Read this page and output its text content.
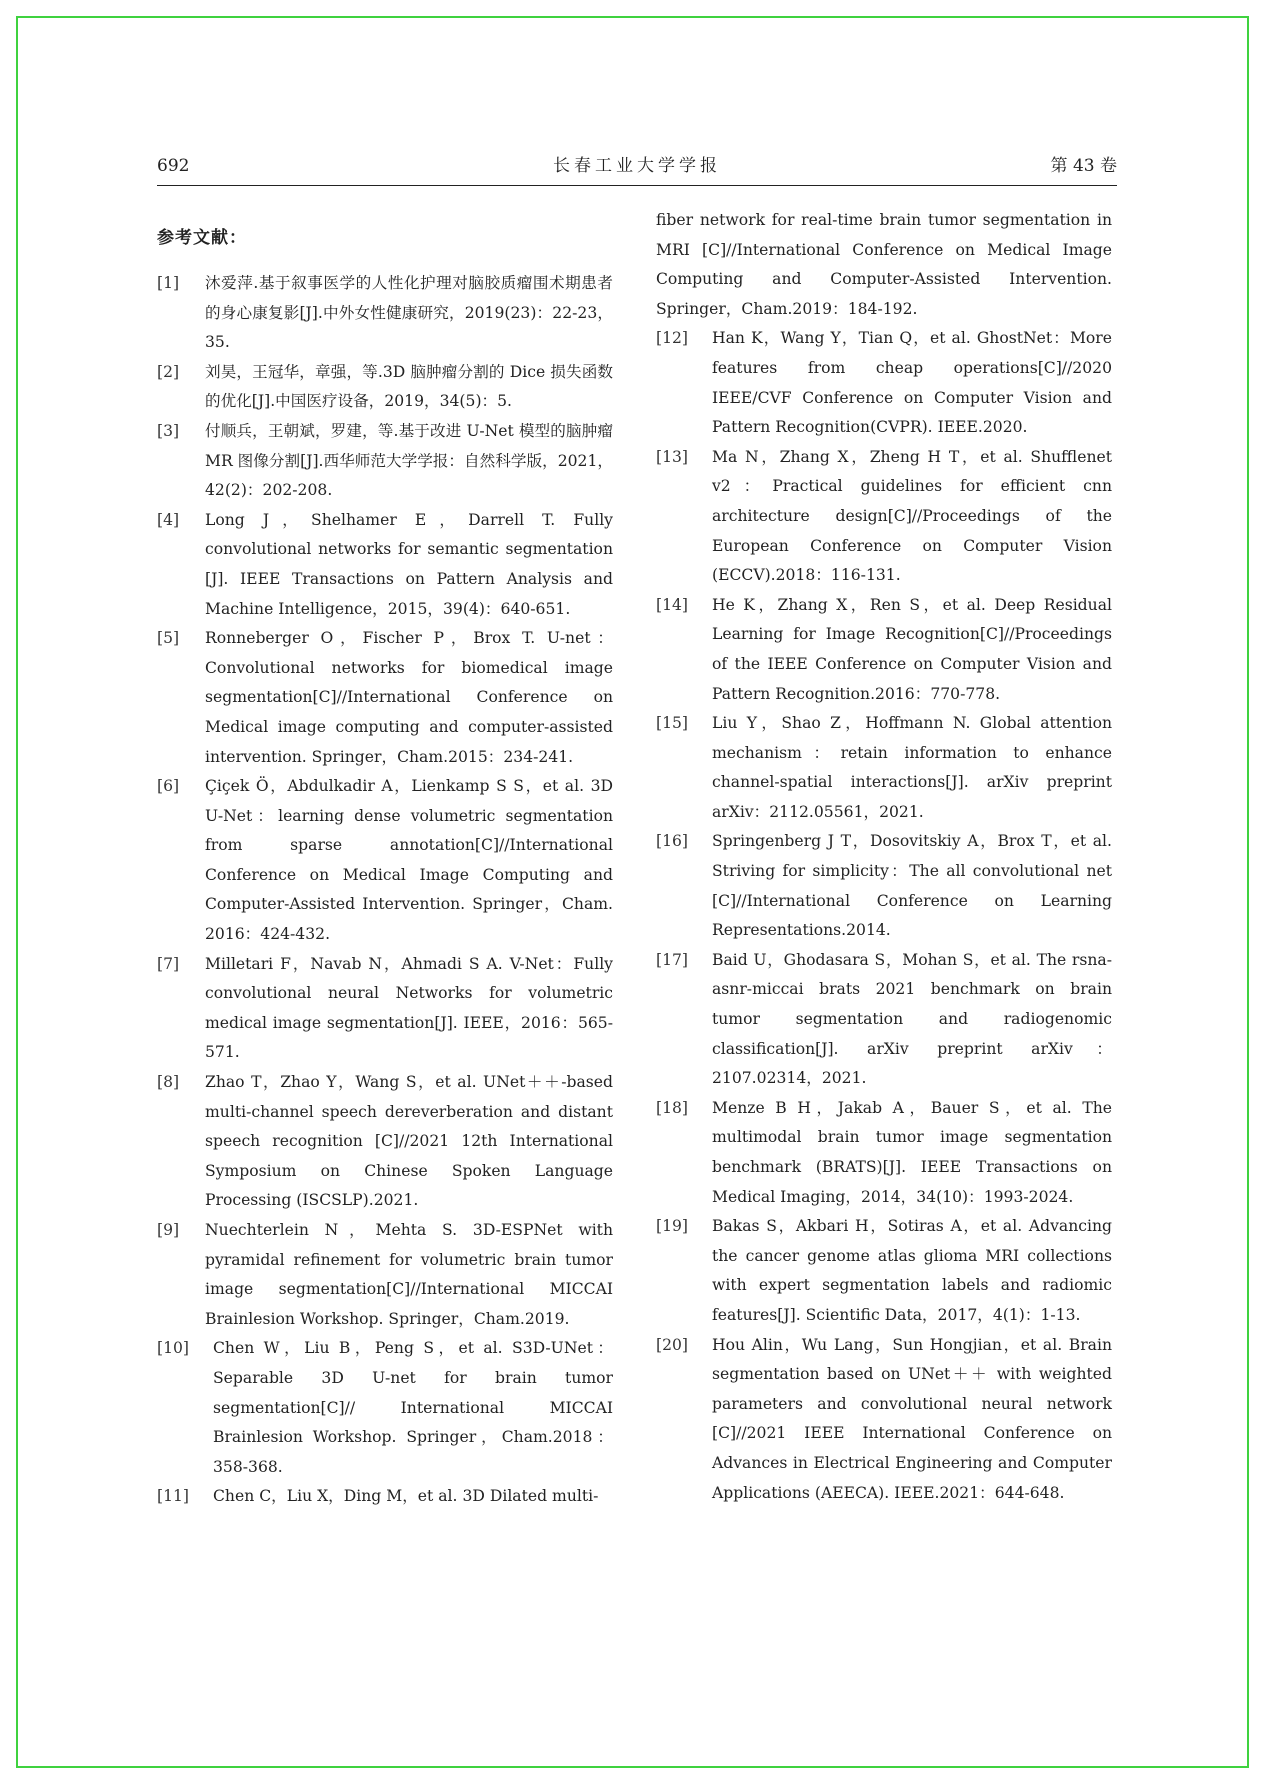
692	长春工业大学学报	第 43 卷
参考文献：
[1]	沐爱萍.基于叙事医学的人性化护理对脑胶质瘤围术期患者的身心康复影[J].中外女性健康研究，2019(23)：22-23，35.
[2]	刘昊，王冠华，章强，等.3D 脑肿瘤分割的 Dice 损失函数的优化[J].中国医疗设备，2019，34(5)：5.
[3]	付顺兵，王朝斌，罗建，等.基于改进 U-Net 模型的脑肿瘤 MR 图像分割[J].西华师范大学学报：自然科学版，2021，42(2)：202-208.
[4]	Long J，Shelhamer E，Darrell T. Fully convolutional networks for semantic segmentation [J]. IEEE Transactions on Pattern Analysis and Machine Intelligence，2015，39(4)：640-651.
[5]	Ronneberger O，Fischer P，Brox T. U-net：Convolutional networks for biomedical image segmentation[C]//International Conference on Medical image computing and computer-assisted intervention. Springer，Cham.2015：234-241.
[6]	Çiçek Ö，Abdulkadir A，Lienkamp S S，et al. 3D U-Net：learning dense volumetric segmentation from sparse annotation[C]//International Conference on Medical Image Computing and Computer-Assisted Intervention. Springer，Cham. 2016：424-432.
[7]	Milletari F，Navab N，Ahmadi S A. V-Net：Fully convolutional neural Networks for volumetric medical image segmentation[J]. IEEE，2016：565-571.
[8]	Zhao T，Zhao Y，Wang S，et al. UNet＋＋-based multi-channel speech dereverberation and distant speech recognition [C]//2021 12th International Symposium on Chinese Spoken Language Processing (ISCSLP).2021.
[9]	Nuechterlein N，Mehta S. 3D-ESPNet with pyramidal refinement for volumetric brain tumor image segmentation[C]//International MICCAI Brainlesion Workshop. Springer，Cham.2019.
[10]	Chen W，Liu B，Peng S，et al. S3D-UNet：Separable 3D U-net for brain tumor segmentation[C]// International MICCAI Brainlesion Workshop. Springer，Cham.2018：358-368.
[11]	Chen C，Liu X，Ding M，et al. 3D Dilated multi-
fiber network for real-time brain tumor segmentation in MRI [C]//International Conference on Medical Image Computing and Computer-Assisted Intervention. Springer，Cham.2019：184-192.
[12]	Han K，Wang Y，Tian Q，et al. GhostNet：More features from cheap operations[C]//2020 IEEE/CVF Conference on Computer Vision and Pattern Recognition(CVPR). IEEE.2020.
[13]	Ma N，Zhang X，Zheng H T，et al. Shufflenet v2：Practical guidelines for efficient cnn architecture design[C]//Proceedings of the European Conference on Computer Vision (ECCV).2018：116-131.
[14]	He K，Zhang X，Ren S，et al. Deep Residual Learning for Image Recognition[C]//Proceedings of the IEEE Conference on Computer Vision and Pattern Recognition.2016：770-778.
[15]	Liu Y，Shao Z，Hoffmann N. Global attention mechanism：retain information to enhance channel-spatial interactions[J]. arXiv preprint arXiv：2112.05561，2021.
[16]	Springenberg J T，Dosovitskiy A，Brox T，et al. Striving for simplicity：The all convolutional net [C]//International Conference on Learning Representations.2014.
[17]	Baid U，Ghodasara S，Mohan S，et al. The rsna-asnr-miccai brats 2021 benchmark on brain tumor segmentation and radiogenomic classification[J]. arXiv preprint arXiv：2107.02314，2021.
[18]	Menze B H，Jakab A，Bauer S，et al. The multimodal brain tumor image segmentation benchmark (BRATS)[J]. IEEE Transactions on Medical Imaging，2014，34(10)：1993-2024.
[19]	Bakas S，Akbari H，Sotiras A，et al. Advancing the cancer genome atlas glioma MRI collections with expert segmentation labels and radiomic features[J]. Scientific Data，2017，4(1)：1-13.
[20]	Hou Alin，Wu Lang，Sun Hongjian，et al. Brain segmentation based on UNet＋＋ with weighted parameters and convolutional neural network [C]//2021 IEEE International Conference on Advances in Electrical Engineering and Computer Applications (AEECA). IEEE.2021：644-648.
